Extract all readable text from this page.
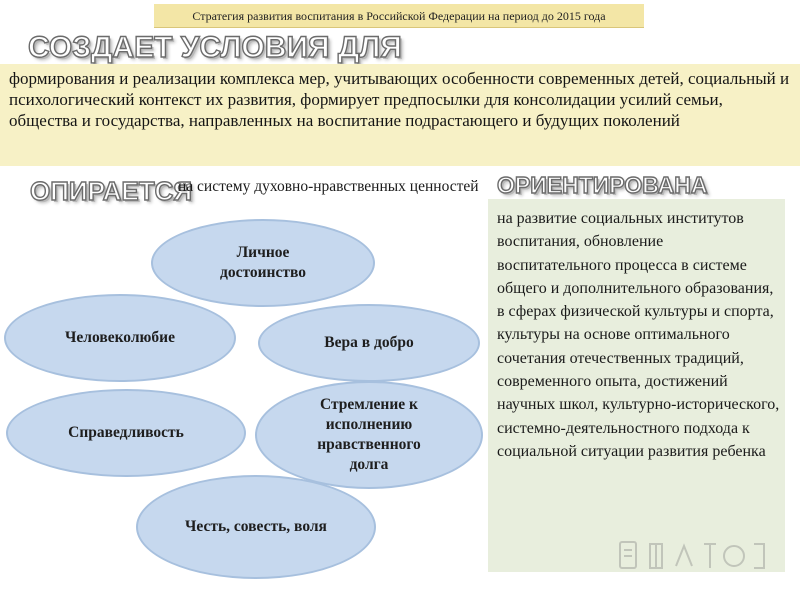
Стратегия развития воспитания в Российской Федерации на период до 2015 года
СОЗДАЕТ УСЛОВИЯ ДЛЯ
формирования и реализации комплекса мер, учитывающих особенности современных детей, социальный и психологический контекст их развития, формирует предпосылки для консолидации усилий семьи, общества и государства, направленных на воспитание подрастающего и будущих поколений
ОПИРАЕТСЯ
на систему духовно-нравственных ценностей ОРИЕНТИРОВАНА
Личное достоинство
Человеколюбие	Вера в добро
Справедливость
Стремление к исполнению нравственного долга
Честь, совесть, воля
на развитие социальных институтов воспитания, обновление воспитательного процесса в системе общего и дополнительного образования, в сферах физической культуры и спорта, культуры на основе оптимального сочетания отечественных традиций, современного опыта, достижений научных школ, культурно-исторического, системно-деятельностного подхода к социальной ситуации развития ребенка
